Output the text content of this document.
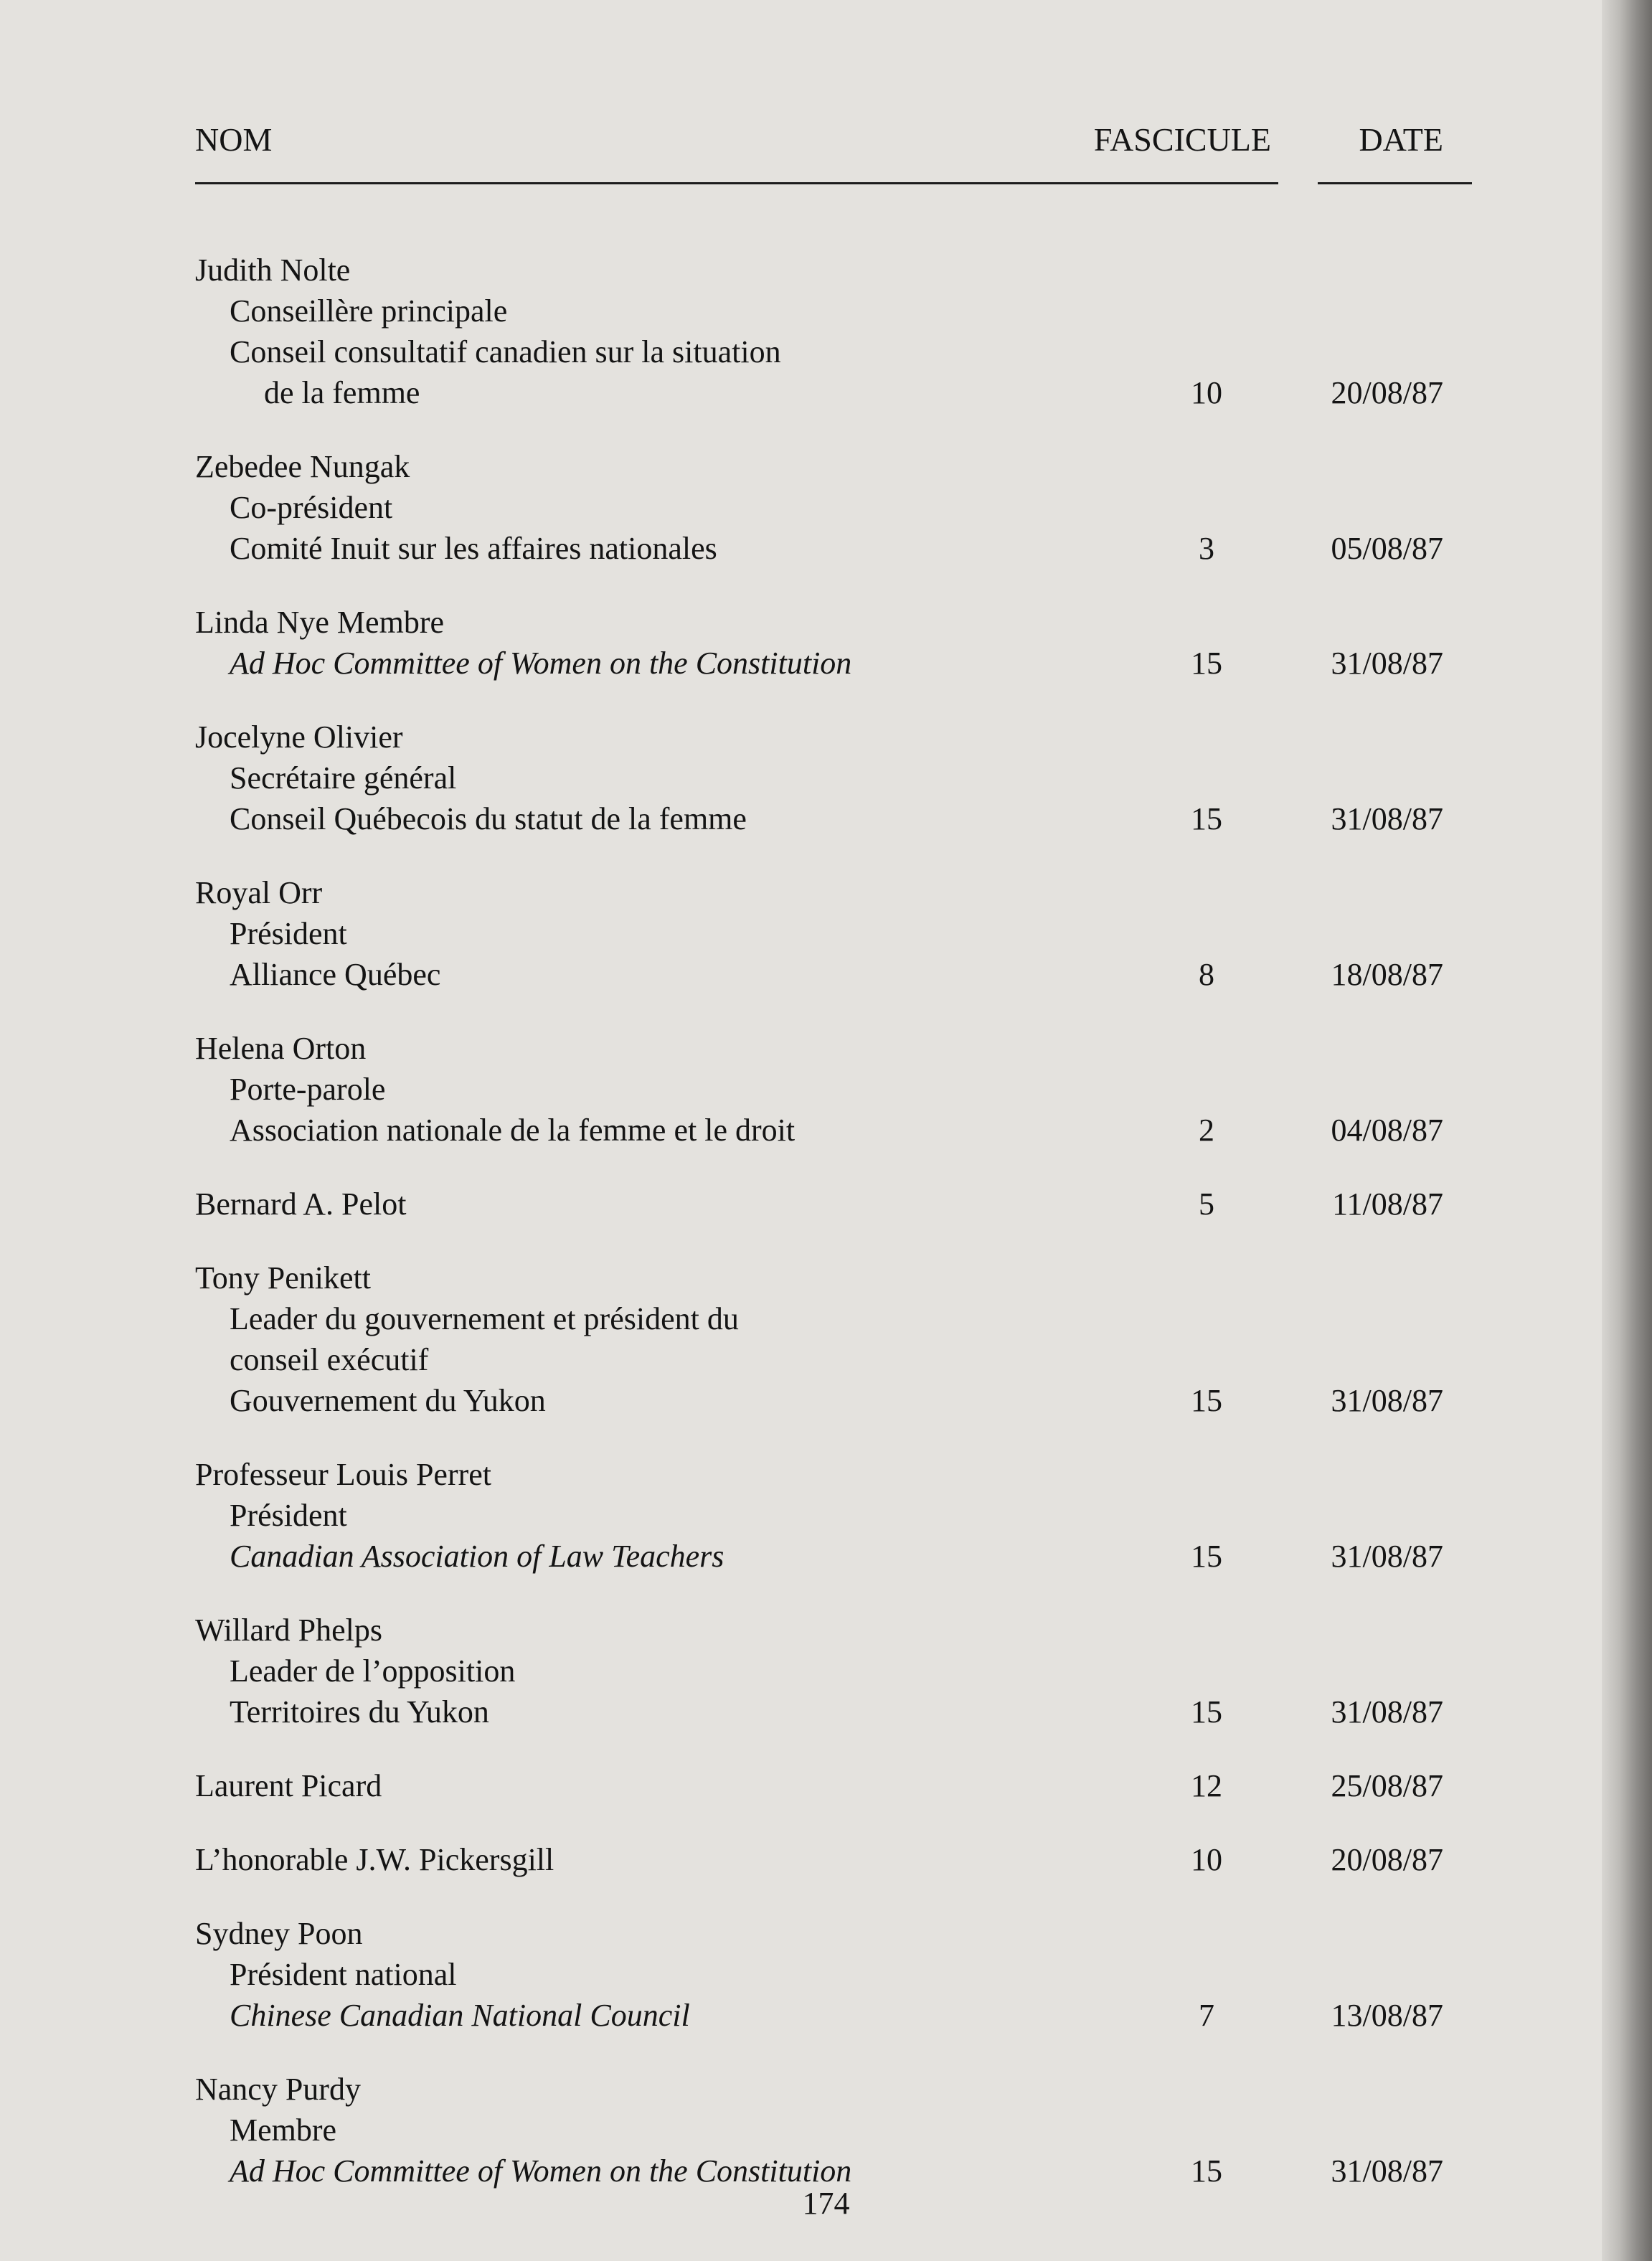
NOM	FASCICULE	DATE
Judith Nolte
Conseillère principale
Conseil consultatif canadien sur la situation
de la femme	10	20/08/87
Zebedee Nungak
Co-président
Comité Inuit sur les affaires nationales	3	05/08/87
Linda Nye Membre
Ad Hoc Committee of Women on the Constitution	15	31/08/87
Jocelyne Olivier
Secrétaire général
Conseil Québecois du statut de la femme	15	31/08/87
Royal Orr
Président
Alliance Québec	8	18/08/87
Helena Orton
Porte-parole
Association nationale de la femme et le droit	2	04/08/87
Bernard A. Pelot	5	11/08/87
Tony Penikett
Leader du gouvernement et président du
conseil exécutif
Gouvernement du Yukon	15	31/08/87
Professeur Louis Perret
Président
Canadian Association of Law Teachers	15	31/08/87
Willard Phelps
Leader de l’opposition
Territoires du Yukon	15	31/08/87
Laurent Picard	12	25/08/87
L’honorable J.W. Pickersgill	10	20/08/87
Sydney Poon
Président national
Chinese Canadian National Council	7	13/08/87
Nancy Purdy
Membre
Ad Hoc Committee of Women on the Constitution	15	31/08/87
174
